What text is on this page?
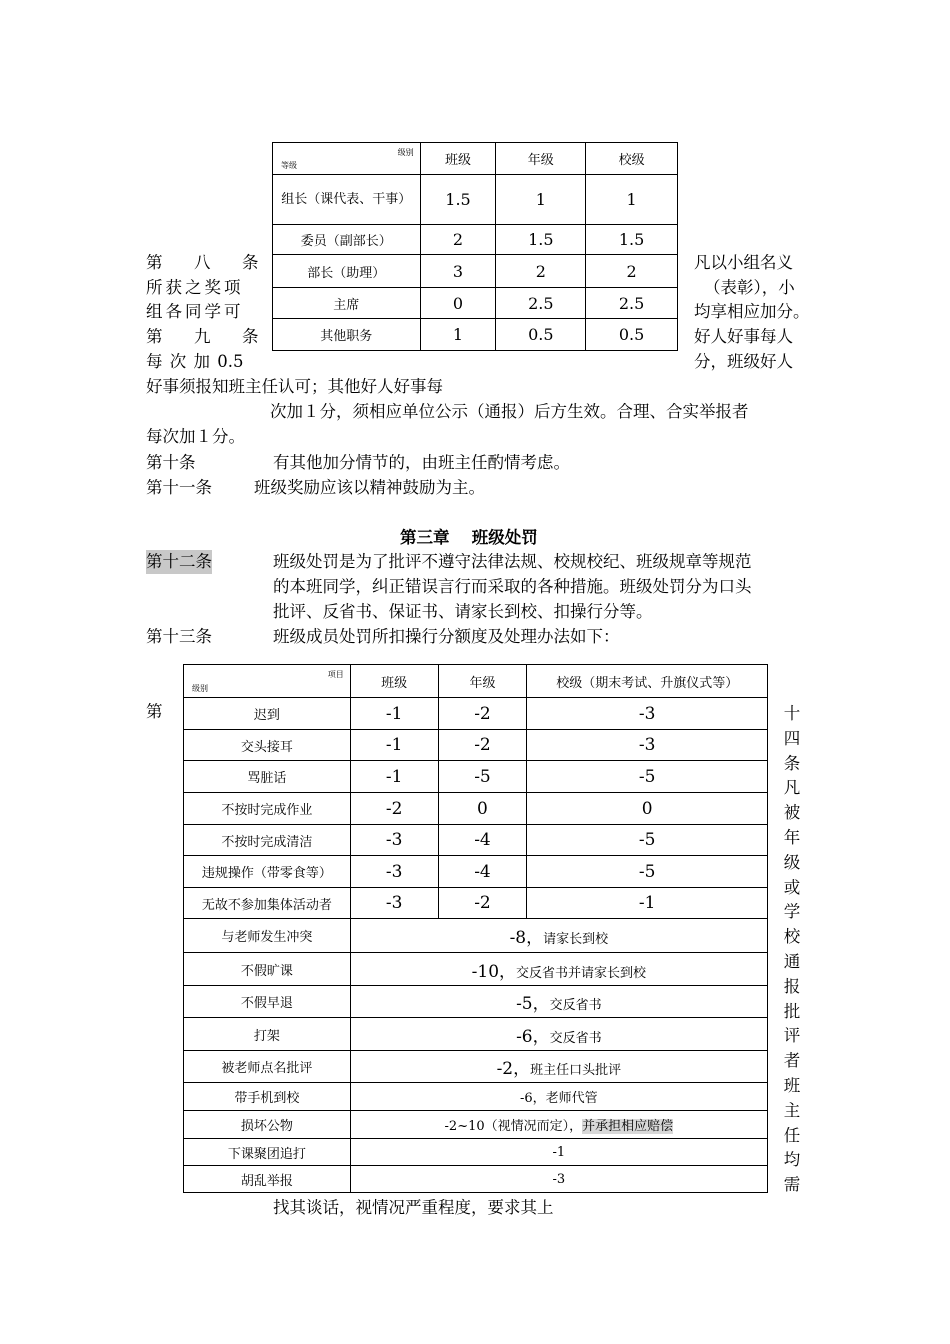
级别
等级	班级	年级	校级
组长（课代表、干事）	1.5	1	1
委员（副部长）	2	1.5	1.5
部长（助理）	3	2	2
主席	0	2.5	2.5
其他职务	1	0.5	0.5
第 八 条
所获之奖项
组各同学可
凡以小组名义
（表彰），小
均享相应加分。
第 九 条
每 次 加 0.5
好人好事每人
分，班级好人
好事须报知班主任认可；其他好人好事每
次加１分，须相应单位公示（通报）后方生效。合理、合实举报者
每次加１分。
第十条	有其他加分情节的，由班主任酌情考虑。
第十一条	班级奖励应该以精神鼓励为主。
第三章　 班级处罚
第十二条	班级处罚是为了批评不遵守法律法规、校规校纪、班级规章等规范
的本班同学，纠正错误言行而采取的各种措施。班级处罚分为口头
批评、反省书、保证书、请家长到校、扣操行分等。
第十三条	班级成员处罚所扣操行分额度及处理办法如下：
项目
级别	班级	年级	校级（期末考试、升旗仪式等）
迟到	-1	-2	-3
交头接耳	-1	-2	-3
骂脏话	-1	-5	-5
不按时完成作业	-2	0	0
不按时完成清洁	-3	-4	-5
违规操作（带零食等）	-3	-4	-5
无故不参加集体活动者	-3	-2	-1
与老师发生冲突	-8，请家长到校		
不假旷课	-10，交反省书并请家长到校		
不假早退	-5，交反省书		
打架	-6，交反省书		
被老师点名批评	-2，班主任口头批评		
带手机到校	-6，老师代管		
损坏公物	-2~10（视情况而定），并承担相应赔偿		
下课聚团追打	-1		
胡乱举报	-3		
第	十
四
条
凡
被
年
级
或
学
校
通
报
批
评
者
班
主
任
均
需
找其谈话，视情况严重程度，要求其上
